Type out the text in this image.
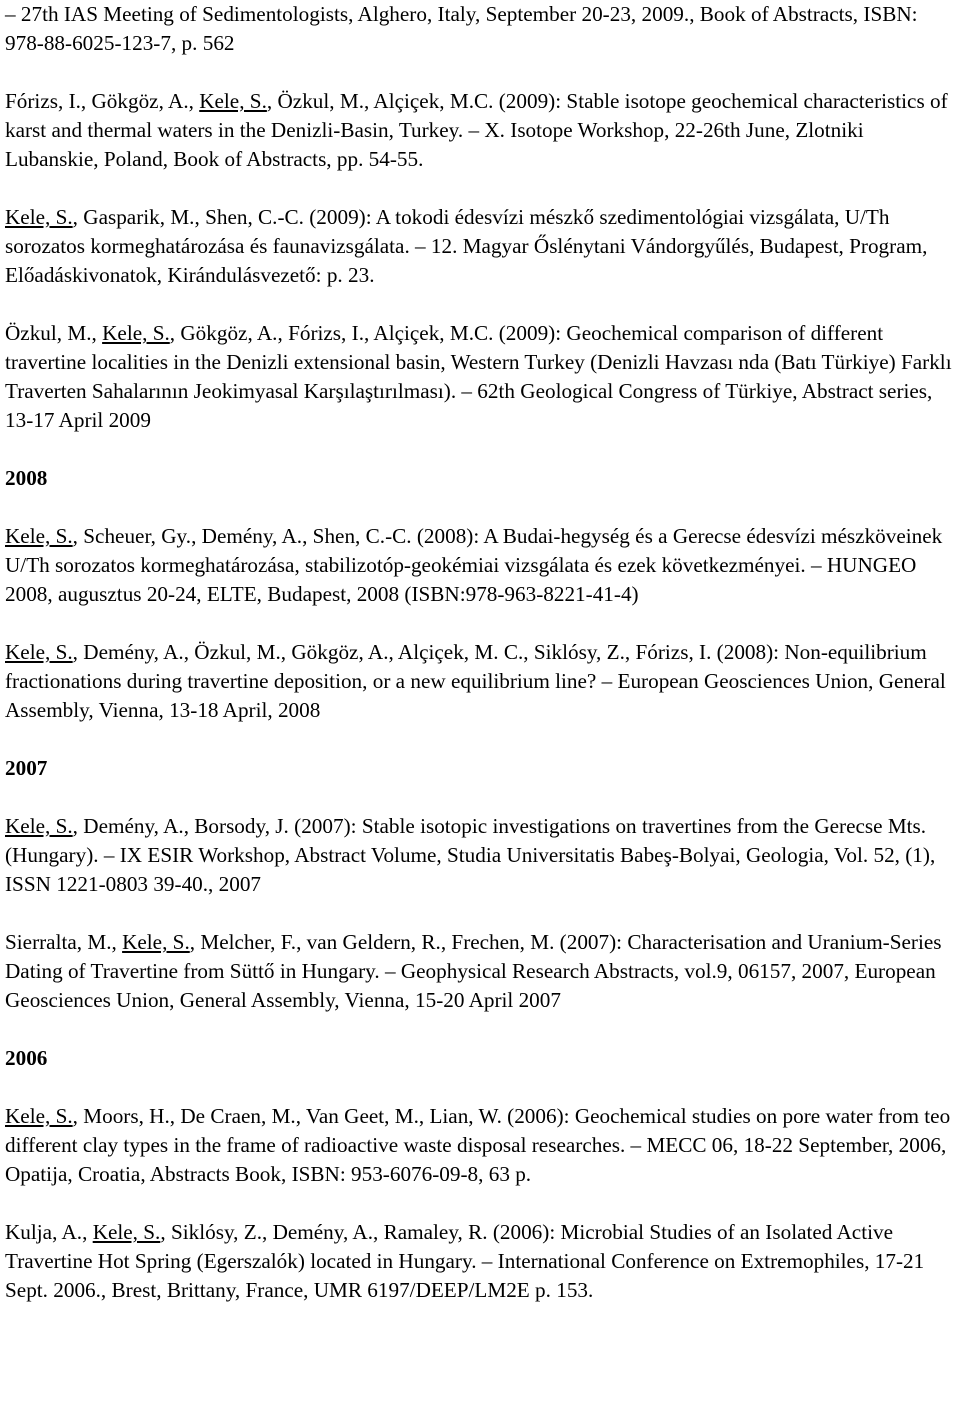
– 27th IAS Meeting of Sedimentologists, Alghero, Italy, September 20-23, 2009., Book of Abstracts, ISBN: 978-88-6025-123-7, p. 562

Fórizs, I., Gökgöz, A., Kele, S., Özkul, M., Alçiçek, M.C. (2009): Stable isotope geochemical characteristics of karst and thermal waters in the Denizli-Basin, Turkey. – X. Isotope Workshop, 22-26th June, Zlotniki Lubanskie, Poland, Book of Abstracts, pp. 54-55.

Kele, S., Gasparik, M., Shen, C.-C. (2009): A tokodi édesvízi mészkő szedimentológiai vizsgálata, U/Th sorozatos kormeghatározása és faunavizsgálata. – 12. Magyar Őslénytani Vándorgyűlés, Budapest, Program, Előadáskivonatok, Kirándulásvezető: p. 23.

Özkul, M., Kele, S., Gökgöz, A., Fórizs, I., Alçiçek, M.C. (2009): Geochemical comparison of different travertine localities in the Denizli extensional basin, Western Turkey (Denizli Havzası nda (Batı Türkiye) Farklı Traverten Sahalarının Jeokimyasal Karşılaştırılması). – 62th Geological Congress of Türkiye, Abstract series, 13-17 April 2009

2008

Kele, S., Scheuer, Gy., Demény, A., Shen, C.-C. (2008): A Budai-hegység és a Gerecse édesvízi mészköveinek U/Th sorozatos kormeghatározása, stabilizotóp-geokémiai vizsgálata és ezek következményei. – HUNGEO 2008, augusztus 20-24, ELTE, Budapest, 2008 (ISBN:978-963-8221-41-4)

Kele, S., Demény, A., Özkul, M., Gökgöz, A., Alçiçek, M. C., Siklósy, Z., Fórizs, I. (2008): Non-equilibrium fractionations during travertine deposition, or a new equilibrium line? – European Geosciences Union, General Assembly, Vienna, 13-18 April, 2008

2007

Kele, S., Demény, A., Borsody, J. (2007): Stable isotopic investigations on travertines from the Gerecse Mts. (Hungary). – IX ESIR Workshop, Abstract Volume, Studia Universitatis Babeş-Bolyai, Geologia, Vol. 52, (1), ISSN 1221-0803 39-40., 2007

Sierralta, M., Kele, S., Melcher, F., van Geldern, R., Frechen, M. (2007): Characterisation and Uranium-Series Dating of Travertine from Süttő in Hungary. – Geophysical Research Abstracts, vol.9, 06157, 2007, European Geosciences Union, General Assembly, Vienna, 15-20 April 2007

2006

Kele, S., Moors, H., De Craen, M., Van Geet, M., Lian, W. (2006): Geochemical studies on pore water from teo different clay types in the frame of radioactive waste disposal researches. – MECC 06, 18-22 September, 2006, Opatija, Croatia, Abstracts Book, ISBN: 953-6076-09-8, 63 p.

Kulja, A., Kele, S., Siklósy, Z., Demény, A., Ramaley, R. (2006): Microbial Studies of an Isolated Active Travertine Hot Spring (Egerszalók) located in Hungary. – International Conference on Extremophiles, 17-21 Sept. 2006., Brest, Brittany, France, UMR 6197/DEEP/LM2E p. 153.
